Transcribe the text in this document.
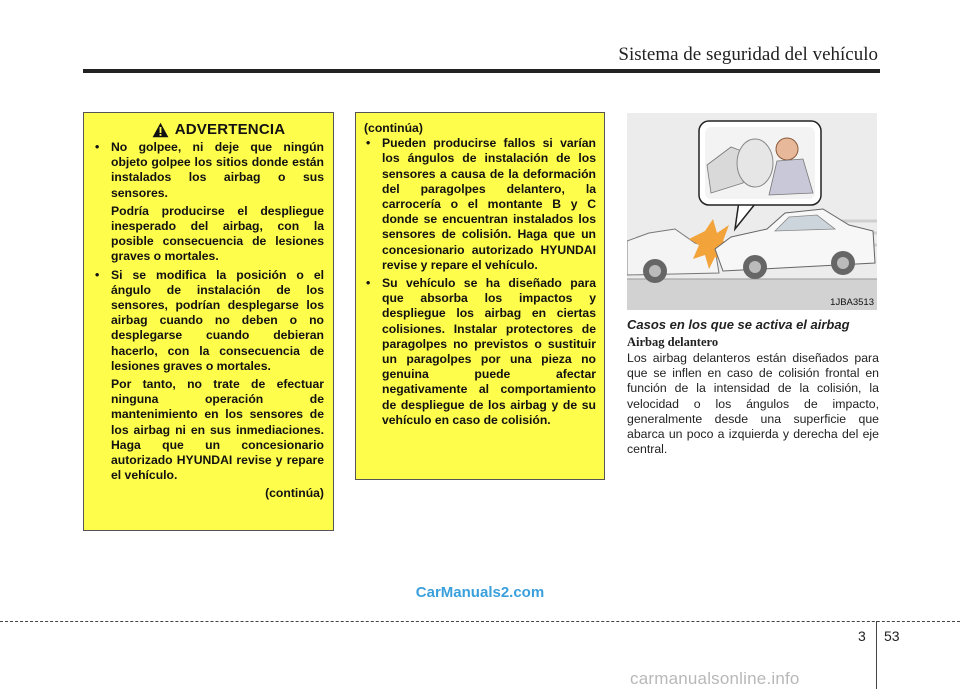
Sistema de seguridad del vehículo
ADVERTENCIA
• No golpee, ni deje que ningún objeto golpee los sitios donde están instalados los airbag o sus sensores.

Podría producirse el despliegue inesperado del airbag, con la posible consecuencia de lesiones graves o mortales.

• Si se modifica la posición o el ángulo de instalación de los sensores, podrían desplegarse los airbag cuando no deben o no desplegarse cuando debieran hacerlo, con la consecuencia de lesiones graves o mortales.

Por tanto, no trate de efectuar ninguna operación de mantenimiento en los sensores de los airbag ni en sus inmediaciones. Haga que un concesionario autorizado HYUNDAI revise y repare el vehículo.

(continúa)
(continúa)
• Pueden producirse fallos si varían los ángulos de instalación de los sensores a causa de la deformación del paragolpes delantero, la carrocería o el montante B y C donde se encuentran instalados los sensores de colisión. Haga que un concesionario autorizado HYUNDAI revise y repare el vehículo.

• Su vehículo se ha diseñado para que absorba los impactos y despliegue los airbag en ciertas colisiones. Instalar protectores de paragolpes no previstos o sustituir un paragolpes por una pieza no genuina puede afectar negativamente al comportamiento de despliegue de los airbag y de su vehículo en caso de colisión.

1JBA3513
Casos en los que se activa el airbag
Airbag delantero
Los airbag delanteros están diseñados para que se inflen en caso de colisión frontal en función de la intensidad de la colisión, la velocidad o los ángulos de impacto, generalmente desde una superficie que abarca un poco a izquierda y derecha del eje central.
CarManuals2.com
3 53
carmanualsonline.info
